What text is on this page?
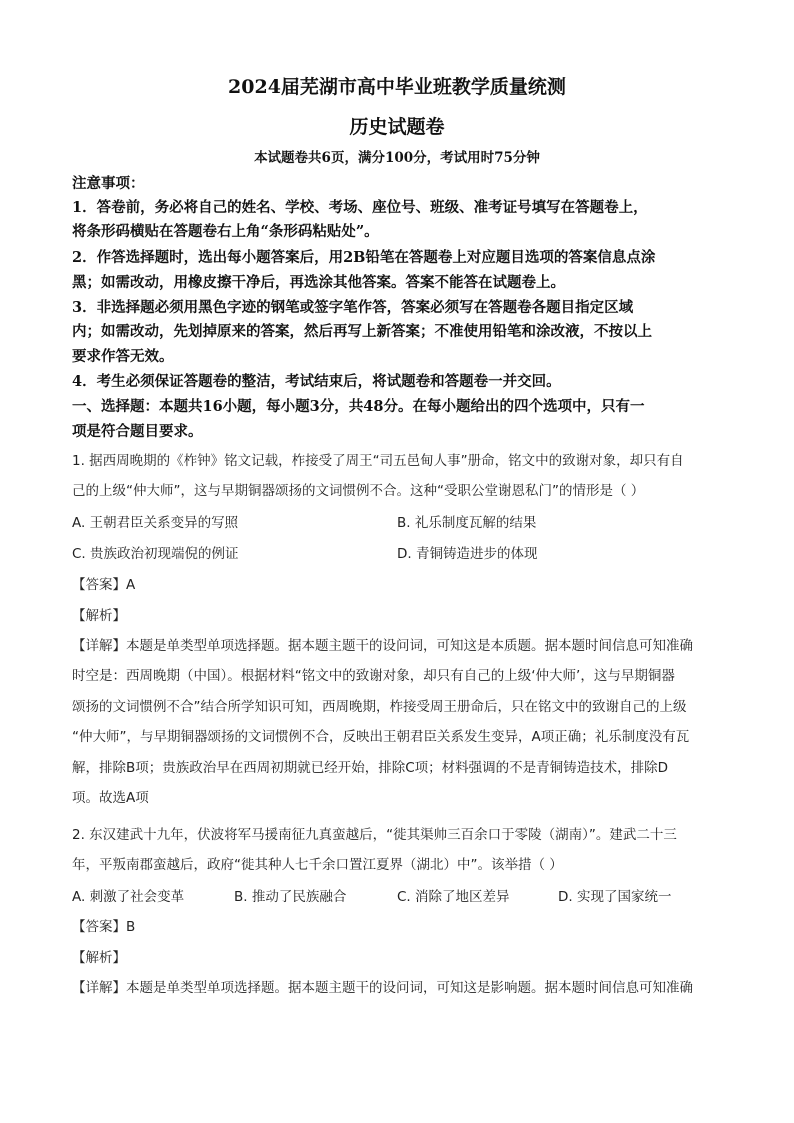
2024届芜湖市高中毕业班教学质量统测
历史试题卷
本试题卷共6页，满分100分，考试用时75分钟
注意事项：
1．答卷前，务必将自己的姓名、学校、考场、座位号、班级、准考证号填写在答题卷上，
将条形码横贴在答题卷右上角“条形码粘贴处”。
2．作答选择题时，选出每小题答案后，用2B铅笔在答题卷上对应题目选项的答案信息点涂
黑；如需改动，用橡皮擦干净后，再选涂其他答案。答案不能答在试题卷上。
3．非选择题必须用黑色字迹的钢笔或签字笔作答，答案必须写在答题卷各题目指定区域
内；如需改动，先划掉原来的答案，然后再写上新答案；不准使用铅笔和涂改液，不按以上
要求作答无效。
4．考生必须保证答题卷的整洁，考试结束后，将试题卷和答题卷一并交回。
一、选择题：本题共16小题，每小题3分，共48分。在每小题给出的四个选项中，只有一
项是符合题目要求。
1. 据西周晚期的《柞钟》铭文记载，柞接受了周王“司五邑甸人事”册命，铭文中的致谢对象，却只有自
己的上级“仲大师”，这与早期铜器颂扬的文词惯例不合。这种“受职公堂谢恩私门”的情形是（ ）
A. 王朝君臣关系变异的写照	B. 礼乐制度瓦解的结果
C. 贵族政治初现端倪的例证	D. 青铜铸造进步的体现
【答案】A
【解析】
【详解】本题是单类型单项选择题。据本题主题干的设问词，可知这是本质题。据本题时间信息可知准确
时空是：西周晚期（中国）。根据材料“铭文中的致谢对象，却只有自己的上级‘仲大师’，这与早期铜器
颂扬的文词惯例不合”结合所学知识可知，西周晚期，柞接受周王册命后，只在铭文中的致谢自己的上级
“仲大师”，与早期铜器颂扬的文词惯例不合，反映出王朝君臣关系发生变异，A项正确；礼乐制度没有瓦
解，排除B项；贵族政治早在西周初期就已经开始，排除C项；材料强调的不是青铜铸造技术，排除D
项。故选A项
2. 东汉建武十九年，伏波将军马援南征九真蛮越后，“徙其渠帅三百余口于零陵（湖南）”。建武二十三
年，平叛南郡蛮越后，政府“徙其种人七千余口置江夏界（湖北）中”。该举措（ ）
A. 刺激了社会变革	B. 推动了民族融合	C. 消除了地区差异	D. 实现了国家统一
【答案】B
【解析】
【详解】本题是单类型单项选择题。据本题主题干的设问词，可知这是影响题。据本题时间信息可知准确
